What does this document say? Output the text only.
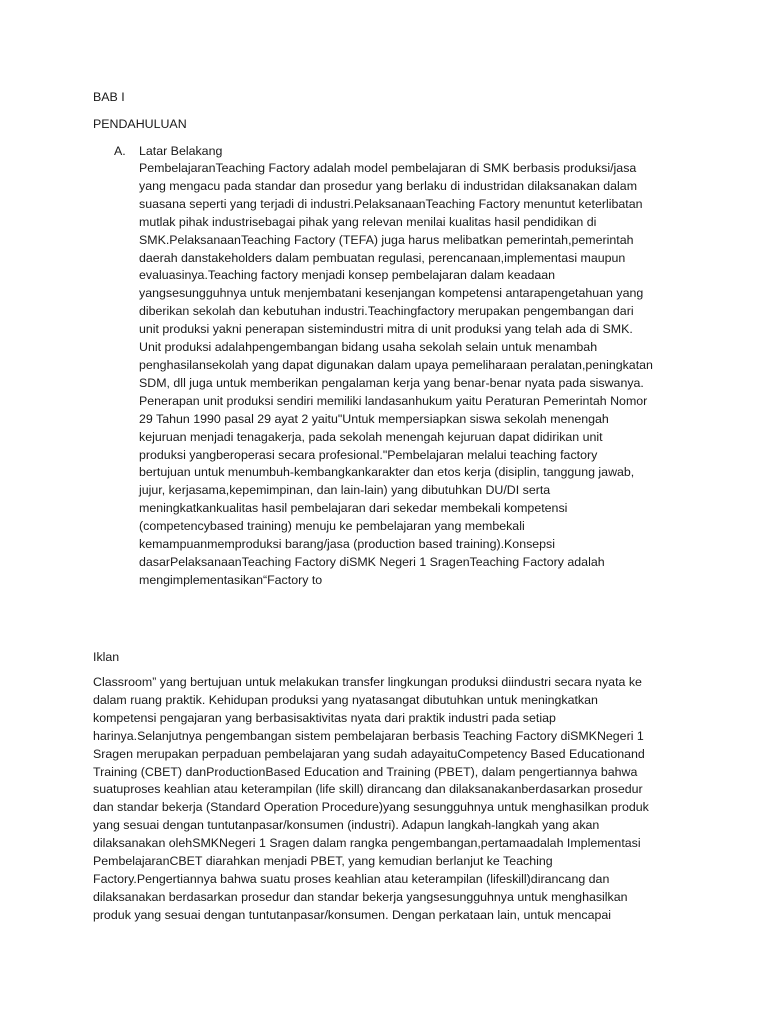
BAB I
PENDAHULUAN
A. Latar Belakang
PembelajaranTeaching Factory adalah model pembelajaran di SMK berbasis produksi/jasa
yang mengacu pada standar dan prosedur yang berlaku di industridan dilaksanakan dalam
suasana seperti yang terjadi di industri.PelaksanaanTeaching Factory menuntut keterlibatan
mutlak pihak industrisebagai pihak yang relevan menilai kualitas hasil pendidikan di
SMK.PelaksanaanTeaching Factory (TEFA) juga harus melibatkan pemerintah,pemerintah
daerah danstakeholders dalam pembuatan regulasi, perencanaan,implementasi maupun
evaluasinya.Teaching factory menjadi konsep pembelajaran dalam keadaan
yangsesungguhnya untuk menjembatani kesenjangan kompetensi antarapengetahuan yang
diberikan sekolah dan kebutuhan industri.Teachingfactory merupakan pengembangan dari
unit produksi yakni penerapan sistemindustri mitra di unit produksi yang telah ada di SMK.
Unit produksi adalahpengembangan bidang usaha sekolah selain untuk menambah
penghasilansekolah yang dapat digunakan dalam upaya pemeliharaan peralatan,peningkatan
SDM, dll juga untuk memberikan pengalaman kerja yang benar-benar nyata pada siswanya.
Penerapan unit produksi sendiri memiliki landasanhukum yaitu Peraturan Pemerintah Nomor
29 Tahun 1990 pasal 29 ayat 2 yaitu"Untuk mempersiapkan siswa sekolah menengah
kejuruan menjadi tenagakerja, pada sekolah menengah kejuruan dapat didirikan unit
produksi yangberoperasi secara profesional."Pembelajaran melalui teaching factory
bertujuan untuk menumbuh-kembangkankarakter dan etos kerja (disiplin, tanggung jawab,
jujur, kerjasama,kepemimpinan, dan lain-lain) yang dibutuhkan DU/DI serta
meningkatkankualitas hasil pembelajaran dari sekedar membekali kompetensi
(competencybased training) menuju ke pembelajaran yang membekali
kemampuanmemproduksi barang/jasa (production based training).Konsepsi
dasarPelaksanaanTeaching Factory diSMK Negeri 1 SragenTeaching Factory adalah
mengimplementasikan“Factory to
Iklan
Classroom” yang bertujuan untuk melakukan transfer lingkungan produksi diindustri secara nyata ke
dalam ruang praktik. Kehidupan produksi yang nyatasangat dibutuhkan untuk meningkatkan
kompetensi pengajaran yang berbasisaktivitas nyata dari praktik industri pada setiap
harinya.Selanjutnya pengembangan sistem pembelajaran berbasis Teaching Factory diSMKNegeri 1
Sragen merupakan perpaduan pembelajaran yang sudah adayaituCompetency Based Educationand
Training (CBET) danProductionBased Education and Training (PBET), dalam pengertiannya bahwa
suatuproses keahlian atau keterampilan (life skill) dirancang dan dilaksanakanberdasarkan prosedur
dan standar bekerja (Standard Operation Procedure)yang sesungguhnya untuk menghasilkan produk
yang sesuai dengan tuntutanpasar/konsumen (industri). Adapun langkah-langkah yang akan
dilaksanakan olehSMKNegeri 1 Sragen dalam rangka pengembangan,pertamaadalah Implementasi
PembelajaranCBET diarahkan menjadi PBET, yang kemudian berlanjut ke Teaching
Factory.Pengertiannya bahwa suatu proses keahlian atau keterampilan (lifeskill)dirancang dan
dilaksanakan berdasarkan prosedur dan standar bekerja yangsesungguhnya untuk menghasilkan
produk yang sesuai dengan tuntutanpasar/konsumen. Dengan perkataan lain, untuk mencapai
